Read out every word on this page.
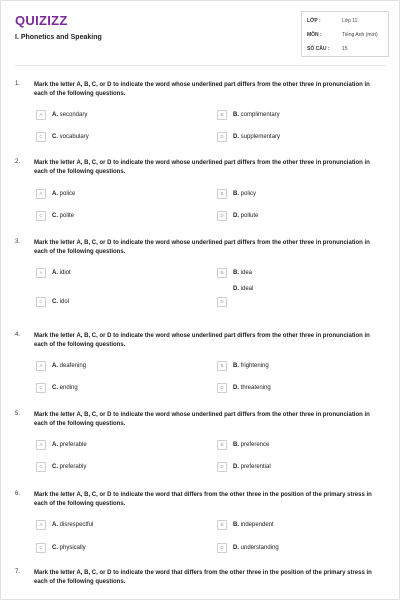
QUIZIZZ
I. Phonetics and Speaking
LỚP :	Lớp 11
MÔN :	Tiếng Anh (mới)
SỐ CÂU :	15
1. Mark the letter A, B, C, or D to indicate the word whose underlined part differs from the other three in pronunciation in each of the following questions.
A	A. secondary	B	B. complimentary
C	C. vocabulary	D	D. supplementary
2. Mark the letter A, B, C, or D to indicate the word whose underlined part differs from the other three in pronunciation in each of the following questions.
A	A. police	B	B. policy
C	C. polite	D	D. pollute
3. Mark the letter A, B, C, or D to indicate the word whose underlined part differs from the other three in pronunciation in each of the following questions.
A	A. idiot	B	B. idea
C	C. idol	D
D. ideal
4. Mark the letter A, B, C, or D to indicate the word whose underlined part differs from the other three in pronunciation in each of the following questions.
A	A. deafening	B	B. frightening
C	C. ending	D	D. threatening
5. Mark the letter A, B, C, or D to indicate the word whose underlined part differs from the other three in pronunciation in each of the following questions.
A	A. preferable	B	B. preference
C	C. preferably	D	D. preferential
6. Mark the letter A, B, C, or D to indicate the word that differs from the other three in the position of the primary stress in each of the following questions.
A	A. disrespectful	B	B. independent
C	C. physically	D	D. understanding
7. Mark the letter A, B, C, or D to indicate the word that differs from the other three in the position of the primary stress in each of the following questions.
